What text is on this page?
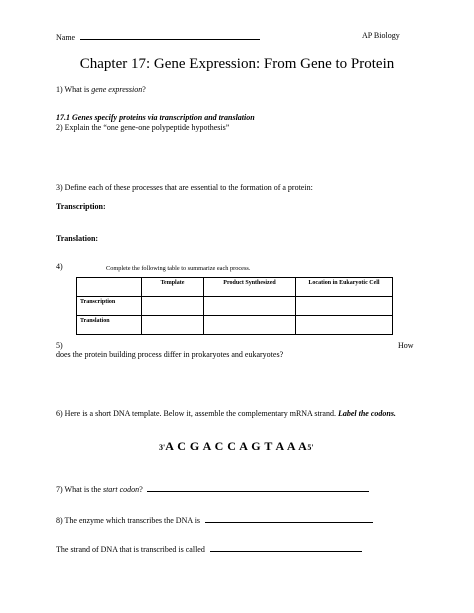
Name	AP Biology
Chapter 17: Gene Expression: From Gene to Protein
1) What is gene expression?
17.1 Genes specify proteins via transcription and translation
2) Explain the “one gene-one polypeptide hypothesis”
3) Define each of these processes that are essential to the formation of a protein:
Transcription:
Translation:
4)	Complete the following table to summarize each process.
	Template	Product Synthesized	Location in Eukaryotic Cell
Transcription			
Translation			
5)	How
does the protein building process differ in prokaryotes and eukaryotes?
6) Here is a short DNA template. Below it, assemble the complementary mRNA strand. Label the codons.
3'A C G A C C A G T A A A5'
7) What is the start codon?
8) The enzyme which transcribes the DNA is
The strand of DNA that is transcribed is called
